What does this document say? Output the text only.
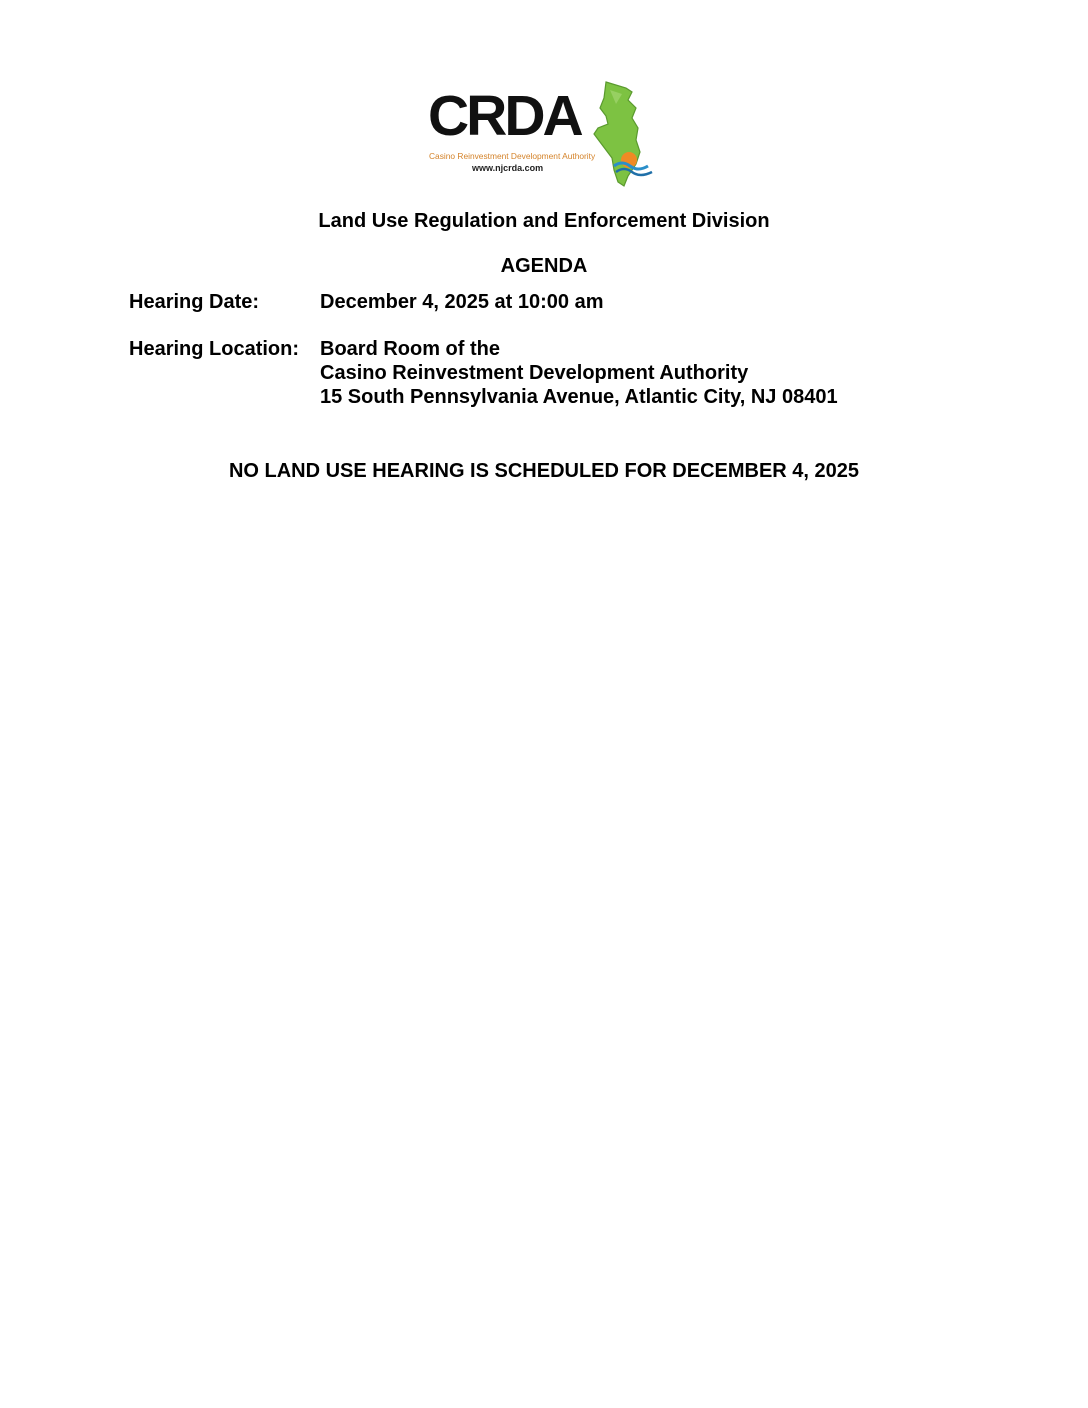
CRDA
Casino Reinvestment Development Authority
www.njcrda.com
Land Use Regulation and Enforcement Division
AGENDA
Hearing Date:	December 4, 2025 at 10:00 am
Hearing Location: Board Room of the
Casino Reinvestment Development Authority
15 South Pennsylvania Avenue, Atlantic City, NJ 08401
NO LAND USE HEARING IS SCHEDULED FOR DECEMBER 4, 2025
